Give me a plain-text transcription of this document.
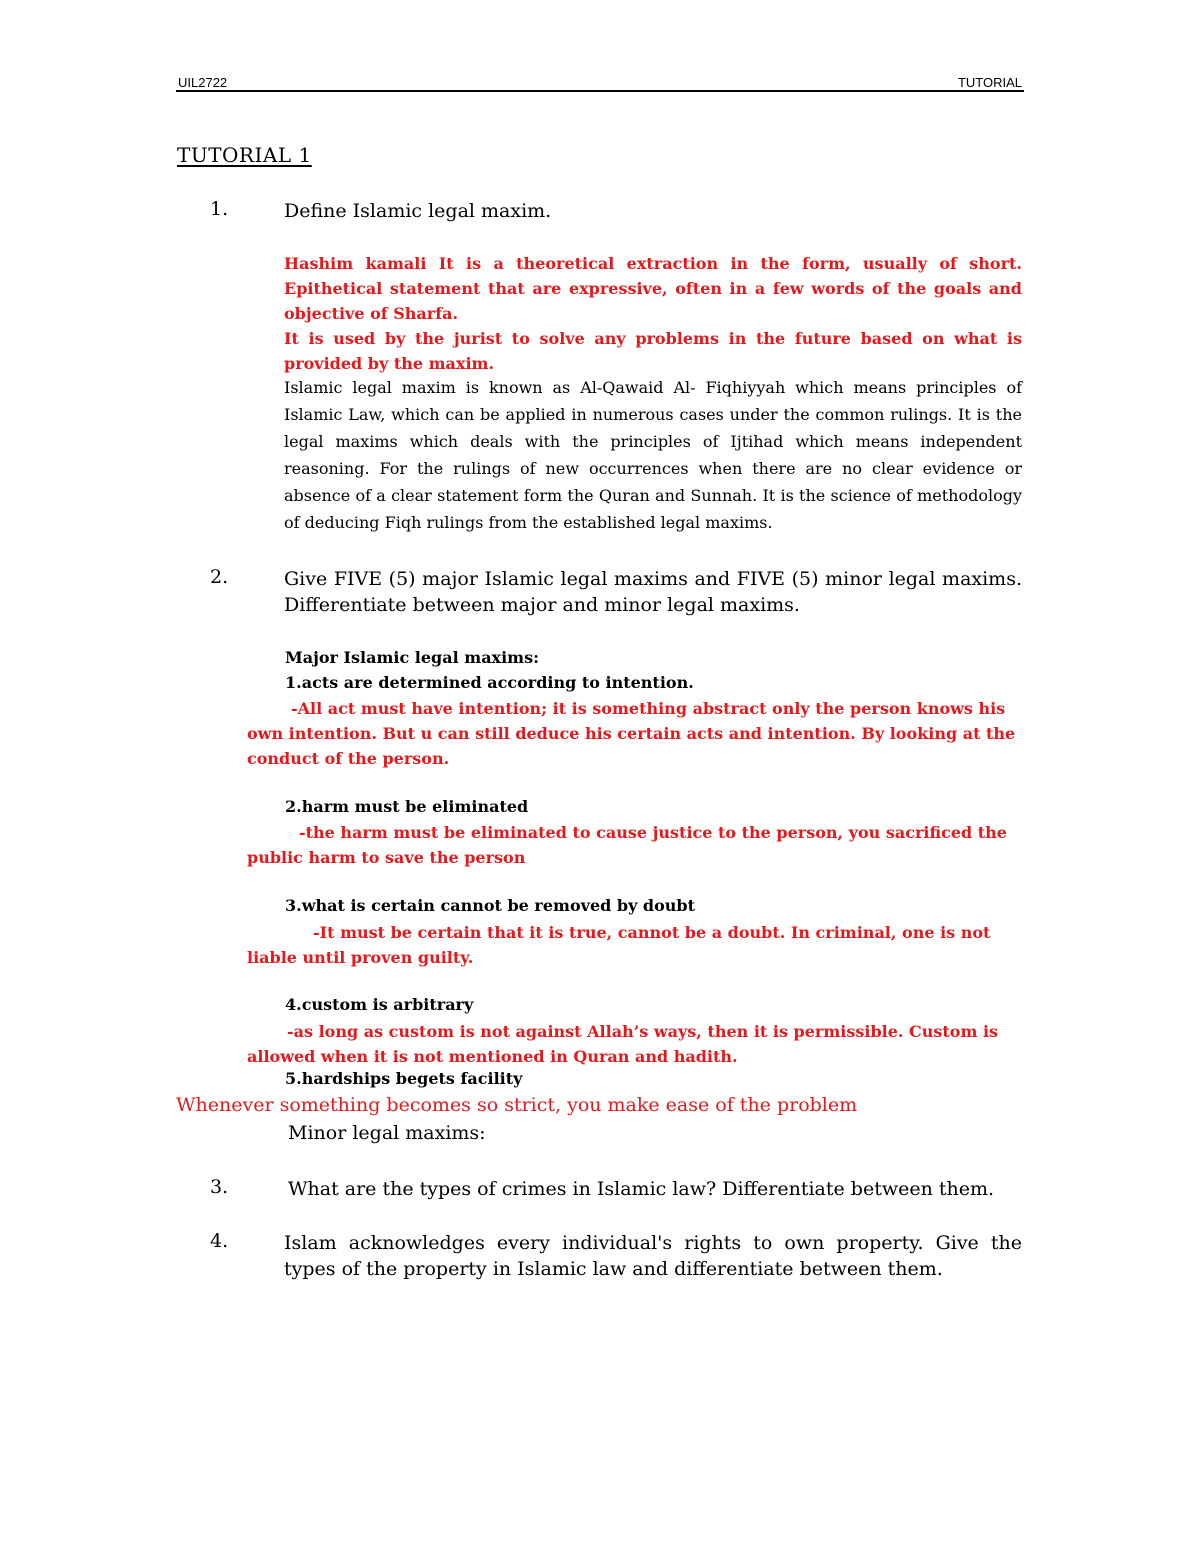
UIL2722	TUTORIAL
TUTORIAL 1
1.	Define Islamic legal maxim.
Hashim kamali It is a theoretical extraction in the form, usually of short. Epithetical statement that are expressive, often in a few words of the goals and objective of Sharfa.
It is used by the jurist to solve any problems in the future based on what is provided by the maxim.
Islamic legal maxim is known as Al-Qawaid Al- Fiqhiyyah which means principles of Islamic Law, which can be applied in numerous cases under the common rulings. It is the legal maxims which deals with the principles of Ijtihad which means independent reasoning. For the rulings of new occurrences when there are no clear evidence or absence of a clear statement form the Quran and Sunnah. It is the science of methodology of deducing Fiqh rulings from the established legal maxims.
2.	Give FIVE (5) major Islamic legal maxims and FIVE (5) minor legal maxims. Differentiate between major and minor legal maxims.
Major Islamic legal maxims:
1.acts are determined according to intention.
-All act must have intention; it is something abstract only the person knows his own intention. But u can still deduce his certain acts and intention. By looking at the conduct of the person.
2.harm must be eliminated
-the harm must be eliminated to cause justice to the person, you sacrificed the public harm to save the person
3.what is certain cannot be removed by doubt
-It must be certain that it is true, cannot be a doubt. In criminal, one is not liable until proven guilty.
4.custom is arbitrary
-as long as custom is not against Allah’s ways, then it is permissible. Custom is allowed when it is not mentioned in Quran and hadith.
5.hardships begets facility
Whenever something becomes so strict, you make ease of the problem
Minor legal maxims:
3.	What are the types of crimes in Islamic law? Differentiate between them.
4.	Islam acknowledges every individual's rights to own property. Give the types of the property in Islamic law and differentiate between them.
